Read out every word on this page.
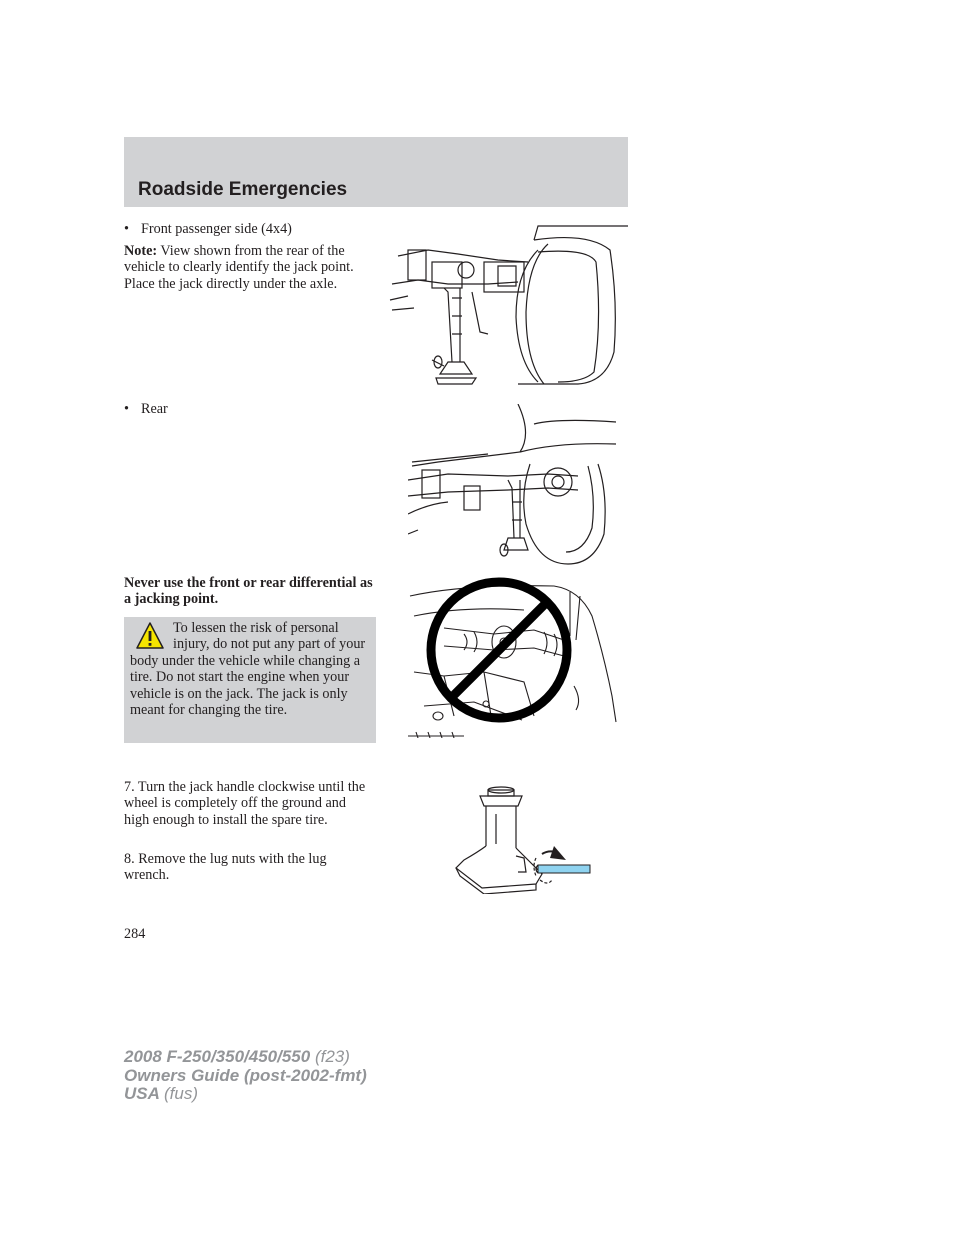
Roadside Emergencies

• Front passenger side (4x4)

Note: View shown from the rear of the vehicle to clearly identify the jack point. Place the jack directly under the axle.

• Rear

Never use the front or rear differential as a jacking point.

To lessen the risk of personal injury, do not put any part of your body under the vehicle while changing a tire. Do not start the engine when your vehicle is on the jack. The jack is only meant for changing the tire.

7. Turn the jack handle clockwise until the wheel is completely off the ground and high enough to install the spare tire.

8. Remove the lug nuts with the lug wrench.

284

2008 F-250/350/450/550 (f23)
Owners Guide (post-2002-fmt)
USA (fus)
